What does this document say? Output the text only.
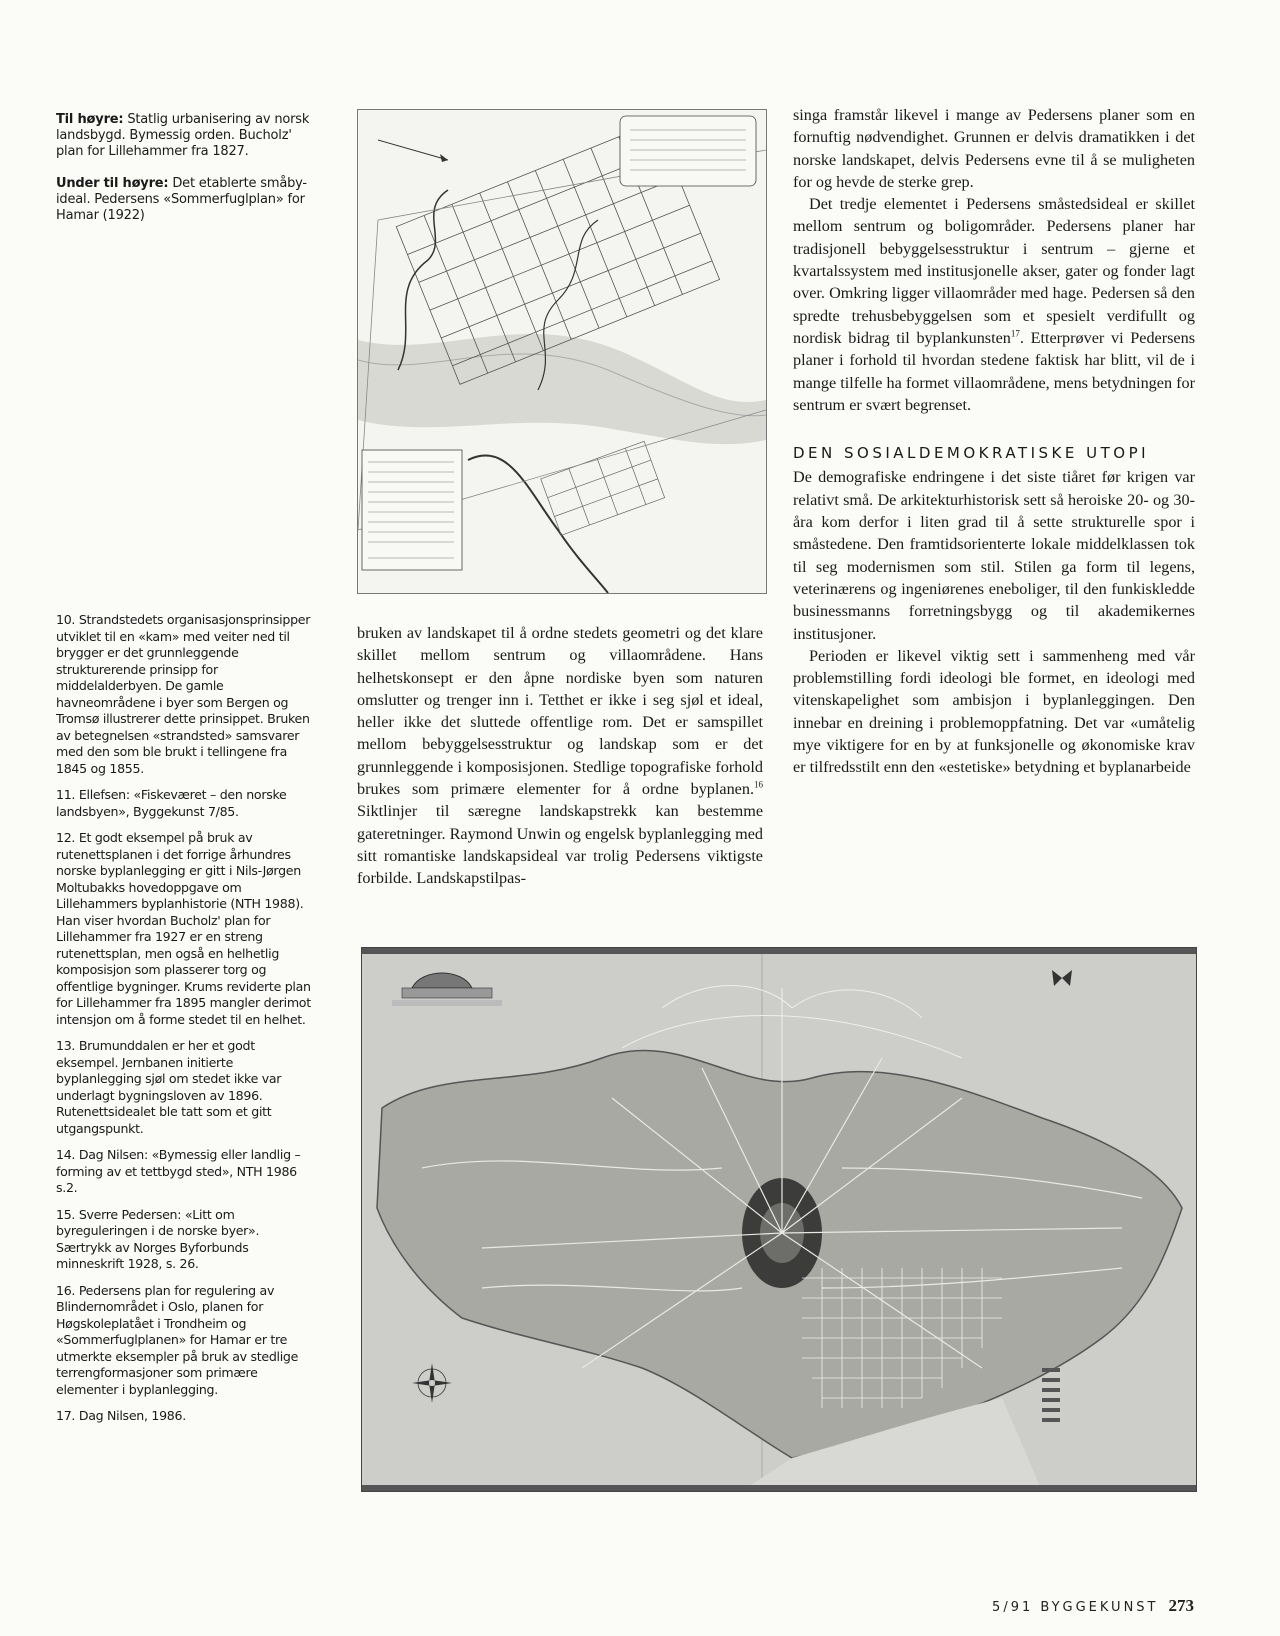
Til høyre: Statlig urbanisering av norsk landsbygd. Bymessig orden. Bucholz' plan for Lillehammer fra 1827.

Under til høyre: Det etablerte småby-ideal. Pedersens «Sommerfuglplan» for Hamar (1922)

10. Strandstedets organisasjonsprinsipper utviklet til en «kam» med veiter ned til brygger er det grunnleggende strukturerende prinsipp for middelalderbyen. De gamle havneområdene i byer som Bergen og Tromsø illustrerer dette prinsippet. Bruken av betegnelsen «strandsted» samsvarer med den som ble brukt i tellingene fra 1845 og 1855.

11. Ellefsen: «Fiskeværet – den norske landsbyen», Byggekunst 7/85.

12. Et godt eksempel på bruk av rutenettsplanen i det forrige århundres norske byplanlegging er gitt i Nils-Jørgen Moltubakks hovedoppgave om Lillehammers byplanhistorie (NTH 1988). Han viser hvordan Bucholz' plan for Lillehammer fra 1927 er en streng rutenettsplan, men også en helhetlig komposisjon som plasserer torg og offentlige bygninger. Krums reviderte plan for Lillehammer fra 1895 mangler derimot intensjon om å forme stedet til en helhet.

13. Brumunddalen er her et godt eksempel. Jernbanen initierte byplanlegging sjøl om stedet ikke var underlagt bygningsloven av 1896. Rutenettsidealet ble tatt som et gitt utgangspunkt.

14. Dag Nilsen: «Bymessig eller landlig – forming av et tettbygd sted», NTH 1986 s.2.

15. Sverre Pedersen: «Litt om byreguleringen i de norske byer». Særtrykk av Norges Byforbunds minneskrift 1928, s. 26.

16. Pedersens plan for regulering av Blindernområdet i Oslo, planen for Høgskoleplatået i Trondheim og «Sommerfuglplanen» for Hamar er tre utmerkte eksempler på bruk av stedlige terrengformasjoner som primære elementer i byplanlegging.

17. Dag Nilsen, 1986.

bruken av landskapet til å ordne stedets geometri og det klare skillet mellom sentrum og villaområdene. Hans helhetskonsept er den åpne nordiske byen som naturen omslutter og trenger inn i. Tetthet er ikke i seg sjøl et ideal, heller ikke det sluttede offentlige rom. Det er samspillet mellom bebyggelsesstruktur og landskap som er det grunnleggende i komposisjonen. Stedlige topografiske forhold brukes som primære elementer for å ordne byplanen.$^{16}$ Siktlinjer til særegne landskapstrekk kan bestemme gateretninger. Raymond Unwin og engelsk byplanlegging med sitt romantiske landskapsideal var trolig Pedersens viktigste forbilde. Landskapstilpas-

singa framstår likevel i mange av Pedersens planer som en fornuftig nødvendighet. Grunnen er delvis dramatikken i det norske landskapet, delvis Pedersens evne til å se muligheten for og hevde de sterke grep.

Det tredje elementet i Pedersens småstedsideal er skillet mellom sentrum og boligområder. Pedersens planer har tradisjonell bebyggelsesstruktur i sentrum – gjerne et kvartalssystem med institusjonelle akser, gater og fonder lagt over. Omkring ligger villaområder med hage. Pedersen så den spredte trehusbebyggelsen som et spesielt verdifullt og nordisk bidrag til byplankunsten$^{17}$. Etterprøver vi Pedersens planer i forhold til hvordan stedene faktisk har blitt, vil de i mange tilfelle ha formet villaområdene, mens betydningen for sentrum er svært begrenset.

DEN SOSIALDEMOKRATISKE UTOPI

De demografiske endringene i det siste tiåret før krigen var relativt små. De arkitekturhistorisk sett så heroiske 20- og 30-åra kom derfor i liten grad til å sette strukturelle spor i småstedene. Den framtidsorienterte lokale middelklassen tok til seg modernismen som stil. Stilen ga form til legens, veterinærens og ingeniørenes eneboliger, til den funkiskledde businessmanns forretningsbygg og til akademikernes institusjoner.

Perioden er likevel viktig sett i sammenheng med vår problemstilling fordi ideologi ble formet, en ideologi med vitenskapelighet som ambisjon i byplanleggingen. Den innebar en dreining i problemoppfatning. Det var «umåtelig mye viktigere for en by at funksjonelle og økonomiske krav er tilfredsstilt enn den «estetiske» betydning et byplanarbeide

5/91 BYGGEKUNST 273
